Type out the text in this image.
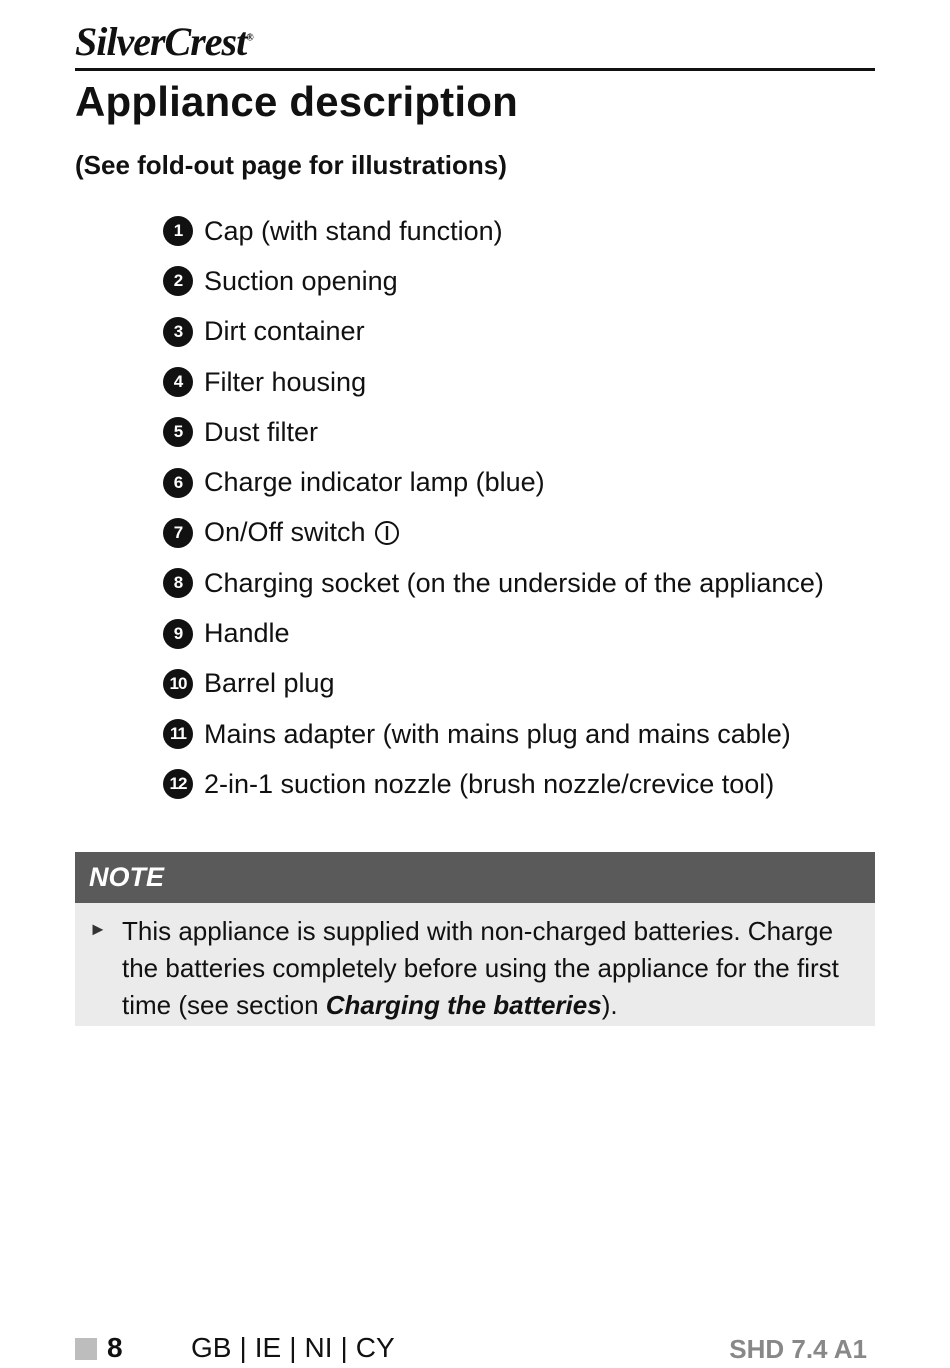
SilverCrest®
Appliance description
(See fold-out page for illustrations)
1 Cap (with stand function)
2 Suction opening
3 Dirt container
4 Filter housing
5 Dust filter
6 Charge indicator lamp (blue)
7 On/Off switch
8 Charging socket (on the underside of the appliance)
9 Handle
10 Barrel plug
11 Mains adapter (with mains plug and mains cable)
12 2-in-1 suction nozzle (brush nozzle/crevice tool)
NOTE
► This appliance is supplied with non-charged batteries. Charge the batteries completely before using the appliance for the first time (see section Charging the batteries).
8 GB | IE | NI | CY	SHD 7.4 A1
